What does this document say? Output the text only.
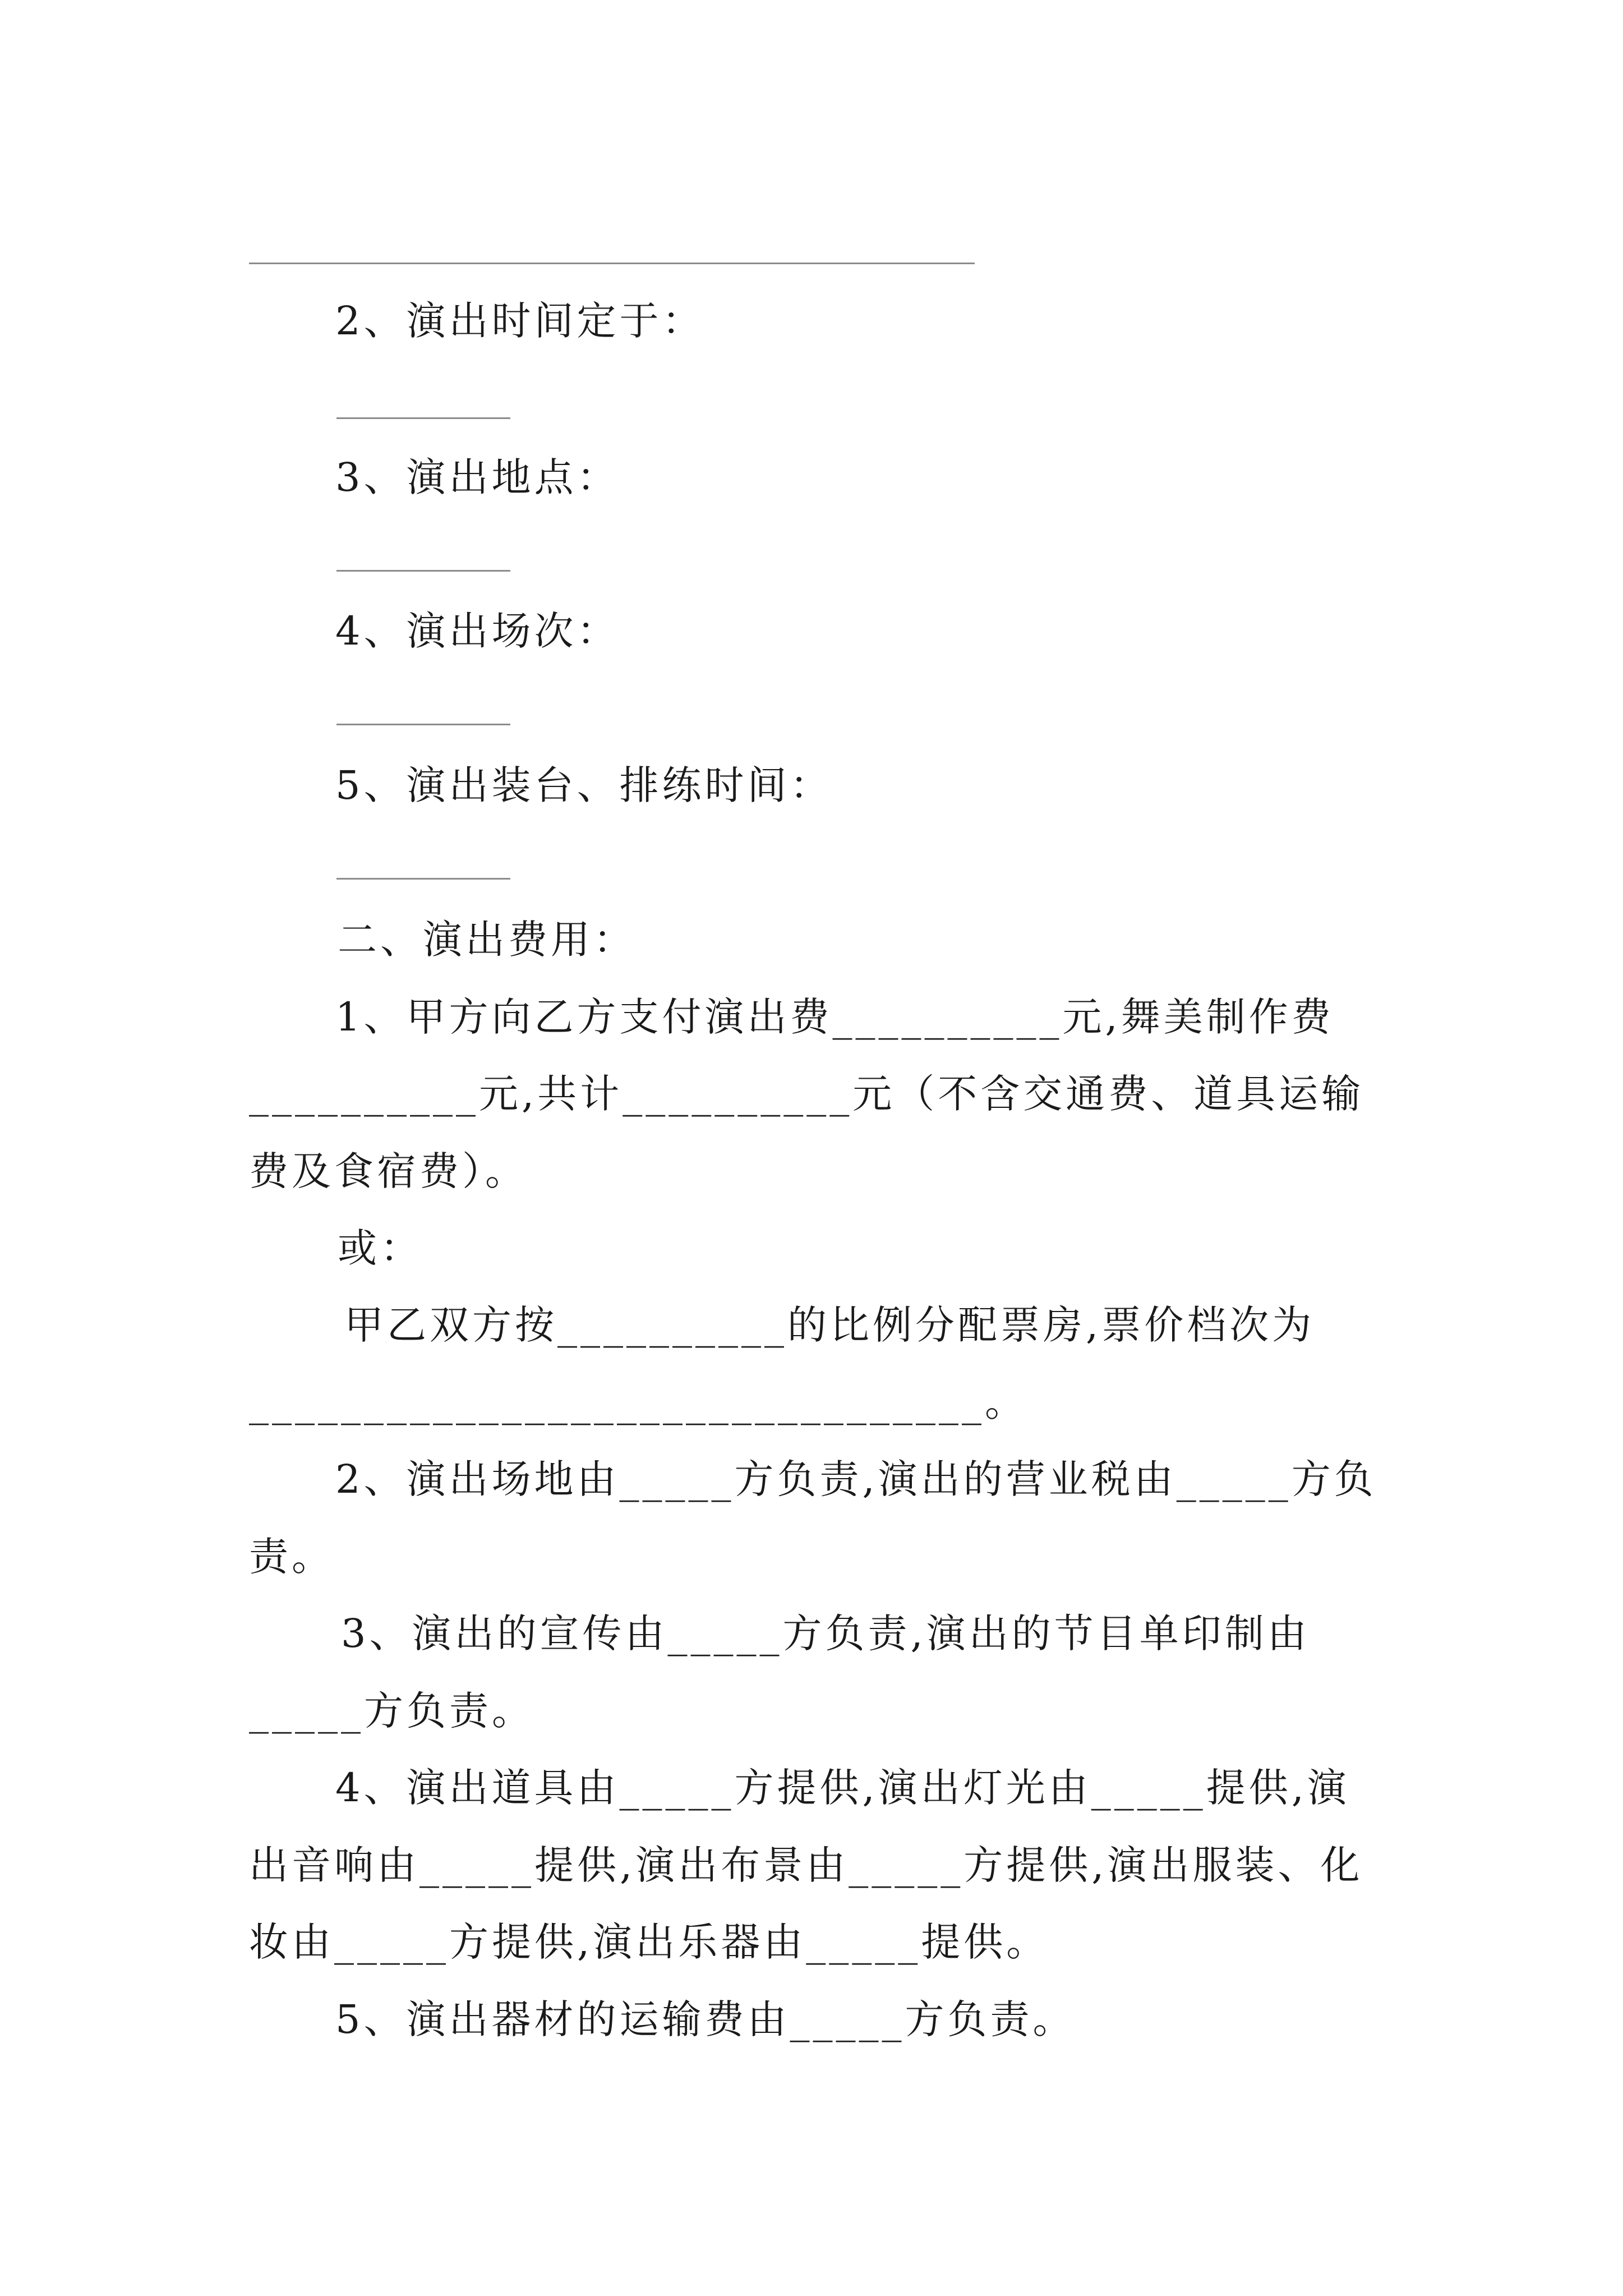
2、演出时间定于：
3、演出地点：
4、演出场次：
5、演出装台、排练时间：
二、演出费用：
1、甲方向乙方支付演出费__________元,舞美制作费
__________元,共计__________元（不含交通费、道具运输
费及食宿费）。
或：
甲乙双方按__________的比例分配票房,票价档次为
________________________________。
2、演出场地由_____方负责,演出的营业税由_____方负
责。
3、演出的宣传由_____方负责,演出的节目单印制由
_____方负责。
4、演出道具由_____方提供,演出灯光由_____提供,演
出音响由_____提供,演出布景由_____方提供,演出服装、化
妆由_____方提供,演出乐器由_____提供。
5、演出器材的运输费由_____方负责。
